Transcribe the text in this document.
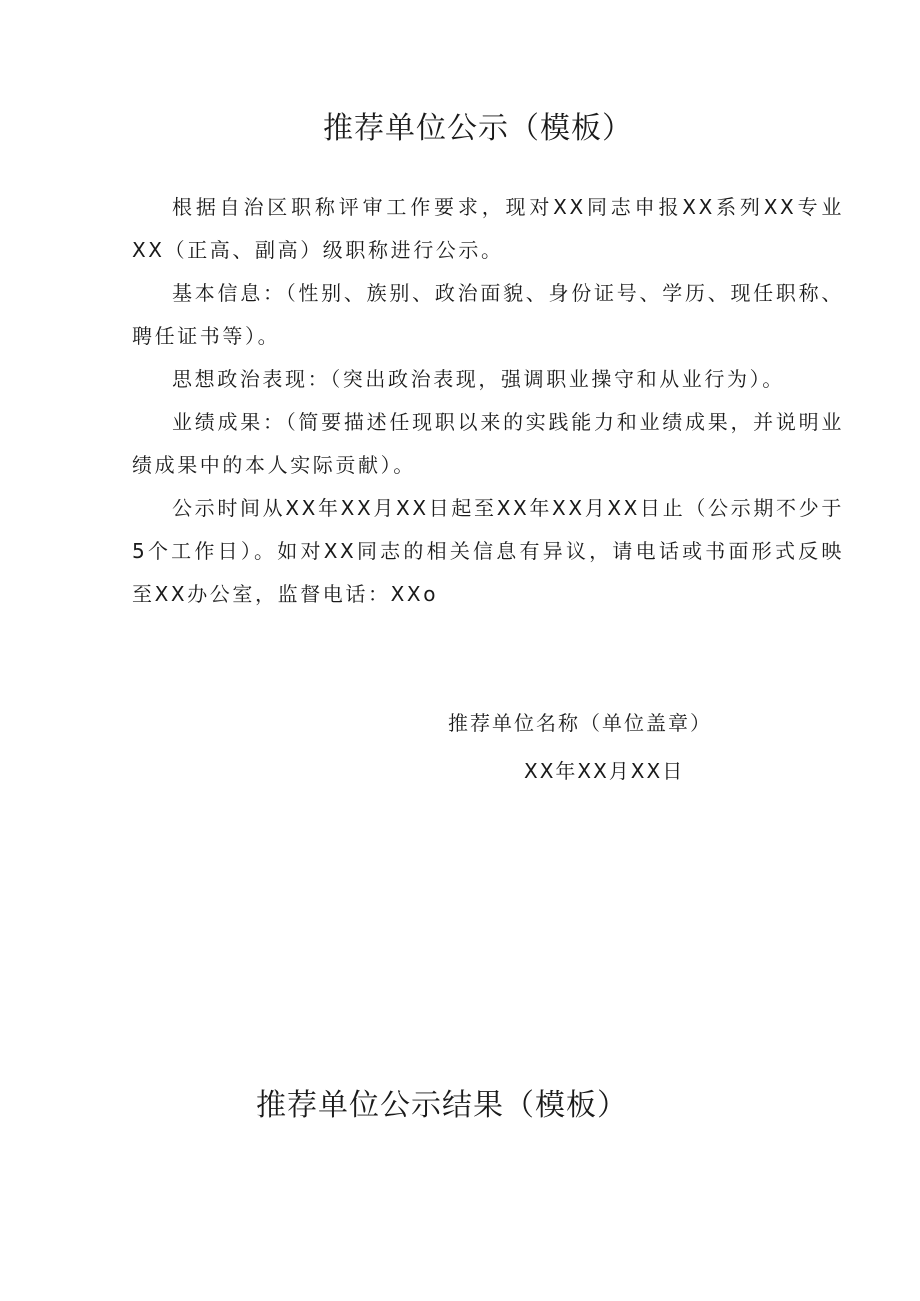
推荐单位公示（模板）

根据自治区职称评审工作要求，现对XX同志申报XX系列XX专业XX（正高、副高）级职称进行公示。

基本信息：（性别、族别、政治面貌、身份证号、学历、现任职称、聘任证书等）。

思想政治表现：（突出政治表现，强调职业操守和从业行为）。

业绩成果：（简要描述任现职以来的实践能力和业绩成果，并说明业绩成果中的本人实际贡献）。

公示时间从XX年XX月XX日起至XX年XX月XX日止（公示期不少于5个工作日）。如对XX同志的相关信息有异议，请电话或书面形式反映至XX办公室，监督电话：XXo

推荐单位名称（单位盖章）
XX年XX月XX日
推荐单位公示结果（模板）
